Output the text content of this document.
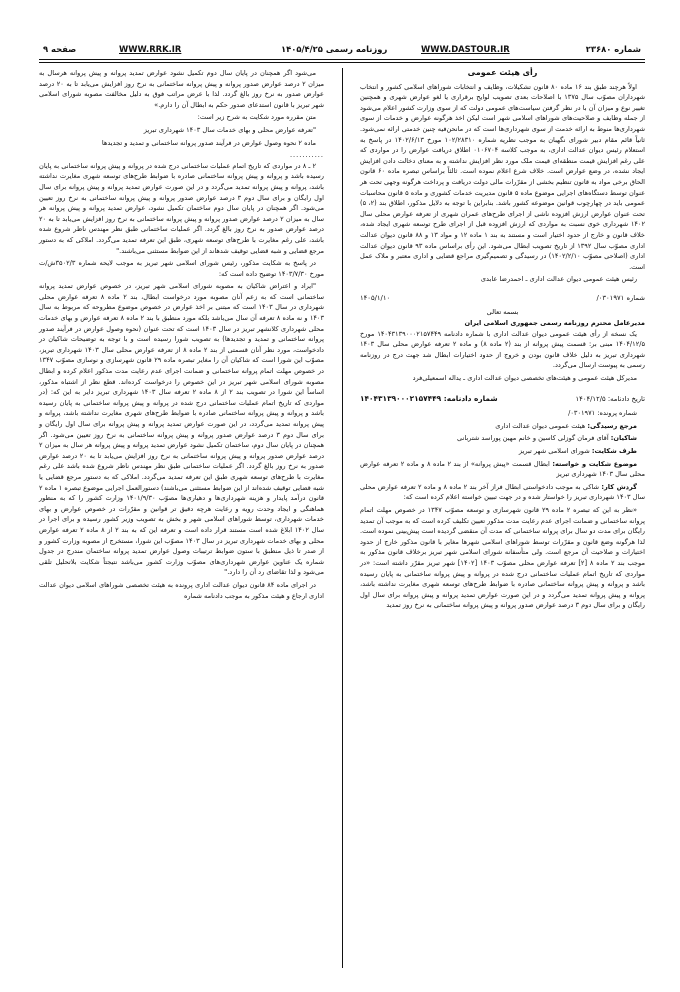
صفحه ۹	WWW.RRK.IR	روزنامه رسمی ۱۴۰۵/۴/۲۵	WWW.DASTOUR.IR	شماره ۲۳۶۸۰
رأی هیئت عمومی

اولاً هرچند طبق بند ۱۶ ماده ۸۰ قانون تشکیلات، وظایف و انتخابات شوراهای اسلامی کشور و انتخاب شهرداران مصوّب سال ۱۳۷۵ با اصلاحات بعدی تصویب لوایح برقراری یا لغو عوارض شهری و همچنین تغییر نوع و میزان آن با در نظر گرفتن سیاست‌های عمومی دولت که از سوی وزارت کشور اعلام می‌شود از جمله وظایف و صلاحیت‌های شوراهای اسلامی شهر است لیکن اخذ هرگونه عوارض و خدمات از سوی شهرداری‌ها منوط به ارائه خدمت از سوی شهرداری‌ها است که در مانحن‌فیه چنین خدمتی ارائه نمی‌شود. ثانیاً قائم مقام دبیر شورای نگهبان به موجب نظریه شماره ۱۰۲/۲۸۳۱۰ مورخ ۱۴۰۲/۶/۱۳ در پاسخ به استعلام رئیس دیوان عدالت اداری، به موجب کلاسه ۰۱۰۶۷۰۴ اطلاق دریافت عوارض را در مواردی که علی رغم افزایش قیمت منطقه‌ای قیمت ملک مورد نظر افزایش نداشته و به معنای دخالت دادن افزایش ایجاد نشده، در وضع عوارض است. خلاف شرع اعلام نموده است. ثالثاً براساس تبصره ماده ۶۰ قانون الحاق برخی مواد به قانون تنظیم بخشی از مقرّرات مالی دولت دریافت و پرداخت هرگونه وجهی تحت هر عنوان توسط دستگاه‌های اجرایی موضوع ماده ۵ قانون مدیریت خدمات کشوری و ماده ۵ قانون محاسبات عمومی باید در چهارچوب قوانین موضوعه کشور باشد. بنابراین با توجه به دلایل مذکور، اطلاق بند (۲، ۵) تحت عنوان عوارض ارزش افزوده ناشی از اجرای طرح‌های عمران شهری از تعرفه عوارض محلی سال ۱۴۰۲ شهرداری خوی نسبت به مواردی که ارزش افزوده قبل از اجرای طرح توسعه شهری ایجاد شده، خلاف قانون و خارج از حدود اختیار است و مستند به بند ۱ ماده ۱۲ و مواد ۱۳ و ۸۸ قانون دیوان عدالت اداری مصوّب سال ۱۳۹۲ از تاریخ تصویب ابطال می‌شود. این رأی براساس ماده ۹۳ قانون دیوان عدالت اداری (اصلاحی مصوّب ۱۴۰۲/۲/۱۰) در رسیدگی و تصمیم‌گیری مراجع قضایی و اداری معتبر و ملاک عمل است.

رئیس هیئت عمومی دیوان عدالت اداری ـ احمدرضا عابدی

شماره ۰۳۰۱۹۷۱/
۱۴۰۵/۱/۱۰
بسمه تعالی
مدیرعامل محترم روزنامه رسمی جمهوری اسلامی ایران

یک نسخه از رأی هیئت عمومی دیوان عدالت اداری با شماره دادنامه ۱۴۰۴۳۱۳۹۰۰۰۲۱۵۷۴۴۹ مورخ ۱۴۰۴/۱۲/۵ مبنی بر: قسمت پیش پروانه از بند (۲ ماده ۸) و ماده ۲ تعرفه عوارض محلی سال ۱۴۰۳ شهرداری تبریز به دلیل خلاف قانون بودن و خروج از حدود اختیارات ابطال شد جهت درج در روزنامه رسمی به پیوست ارسال می‌گردد.

مدیرکل هیئت عمومی و هیئت‌های تخصصی دیوان عدالت اداری ـ یداله اسمعیلی‌فرد

تاریخ دادنامه: ۱۴۰۴/۱۲/۵
شماره دادنامه: ۱۴۰۴۳۱۳۹۰۰۰۲۱۵۷۴۴۹

شماره پرونده: ۰۳۰۱۹۷۱/

مرجع رسیدگی: هیئت عمومی دیوان عدالت اداری

شاکیان: آقای فرمان گوزلی کاسین و خانم مهین پوراسد شتربانی

طرف شکایت: شورای اسلامی شهر تبریز

موضوع شکایت و خواسته: ابطال قسمت «پیش پروانه» از بند ۲ ماده ۸ و ماده ۲ تعرفه عوارض محلی سال ۱۴۰۳ شهرداری تبریز

گردش کار: شاکی به موجب دادخواستی ابطال فراز آخر بند ۲ ماده ۸ و ماده ۲ تعرفه عوارض محلی سال ۱۴۰۳ شهرداری تبریز را خواستار شده و در جهت تبیین خواسته اعلام کرده است که:

«نظر به این که تبصره ۲ ماده ۲۹ قانون شهرسازی و توسعه مصوّب ۱۳۴۷ در خصوص مهلت اتمام پروانه ساختمانی و ضمانت اجرای عدم رعایت مدت مذکور تعیین تکلیف کرده است که به موجب آن تمدید رایگان برای مدت دو سال برای پروانه ساختمانی که مدت آن منقضی گردیده است پیش‌بینی نموده است. لذا هرگونه وضع قانون و مقرّرات توسط شوراهای اسلامی شهرها مغایر با قانون مذکور خارج از حدود اختیارات و صلاحیت آن مرجع است. ولی متأسفانه شورای اسلامی شهر تبریز برخلاف قانون مذکور به موجب بند ۲ ماده ۸ [۲] تعرفه عوارض محلی مصوّب ۱۴۰۳ [۱۴۰۲] شهر تبریز مقرّر داشته است: «در مواردی که تاریخ اتمام عملیات ساختمانی درج شده در پروانه و پیش پروانه ساختمانی به پایان رسیده باشد و پروانه و پیش پروانه ساختمانی صادره با ضوابط طرح‌های توسعه شهری مغایرت نداشته باشد، پروانه و پیش پروانه تمدید می‌گردد و در این صورت عوارض تمدید پروانه و پیش پروانه برای سال اول رایگان و برای سال دوم ۳ درصد عوارض صدور پروانه و پیش پروانه ساختمانی به نرخ روز تمدید

می‌شود اگر همچنان در پایان سال دوم تکمیل نشود عوارض تمدید پروانه و پیش پروانه هرسال به میزان ۲ درصد عوارض صدور پروانه و پیش پروانه ساختمانی به نرخ روز افزایش می‌یابد تا به ۲۰ درصد عوارض صدور به نرخ روز بالغ گردد. لذا با عرض مراتب فوق به دلیل مخالفت مصوبه شورای اسلامی شهر تبریز با قانون استدعای صدور حکم به ابطال آن را دارم.»

متن مقرره مورد شکایت به شرح زیر است:

"تعرفه عوارض محلی و بهای خدمات سال ۱۴۰۳ شهرداری تبریز

ماده ۲ نحوه وصول عوارض در فرآیند صدور پروانه ساختمانی و تمدید و تجدیدها

...........

۲ ـ ۸ در مواردی که تاریخ اتمام عملیات ساختمانی درج شده در پروانه و پیش پروانه ساختمانی به پایان رسیده باشد و پروانه و پیش پروانه ساختمانی صادره با ضوابط طرح‌های توسعه شهری مغایرت نداشته باشد، پروانه و پیش پروانه تمدید می‌گردد و در این صورت عوارض تمدید پروانه و پیش پروانه برای سال اول رایگان و برای سال دوم ۳ درصد عوارض صدور پروانه و پیش پروانه ساختمانی به نرخ روز تعیین می‌شود. اگر همچنان در پایان سال دوم ساختمان تکمیل نشود، عوارض تمدید پروانه و پیش پروانه هر سال به میزان ۲ درصد عوارض صدور پروانه و پیش پروانه ساختمانی به نرخ روز افزایش می‌یابد تا به ۲۰ درصد عوارض صدور به نرخ روز بالغ گردد. اگر عملیات ساختمانی طبق نظر مهندس ناظر شروع شده باشد، علی رغم مغایرت با طرح‌های توسعه شهری، طبق این تعرفه تمدید می‌گردد. املاکی که به دستور مرجع قضایی و شبه قضایی توقیف شدهاند از این ضوابط مستثنی می‌باشند."

در پاسخ به شکایت مذکور، رئیس شورای اسلامی شهر تبریز به موجب لایحه شماره ۳۵۰۲/۳ش/ت مورخ ۱۴۰۳/۷/۳۰ توضیح داده است که:

"ایراد و اعتراض شاکیان به مصوبه شورای اسلامی شهر تبریز، در خصوص عوارض تمدید پروانه ساختمانی است که به زعم آنان مصوبه مورد درخواست ابطال، بند ۲ ماده ۸ تعرفه عوارض محلی شهرداری در سال ۱۴۰۳ است که مبتنی بر اخذ عوارض در خصوص موضوع مطروحه که مربوط به سال ۱۴۰۳ و نه ماده ۸ تعرفه آن سال می‌باشد بلکه مورد منطبق با بند ۲ ماده ۸ تعرفه عوارض و بهای خدمات محلی شهرداری کلانشهر تبریز در سال ۱۴۰۳ است که تحت عنوان (نحوه وصول عوارض در فرآیند صدور پروانه ساختمانی و تمدید و تجدیدها) به تصویب شورا رسیده است و با توجه به توضیحات شاکیان در دادخواست، مورد نظر آنان قسمتی از بند ۲ ماده ۸ از تعرفه عوارض محلی سال ۱۴۰۳ شهرداری تبریز، مصوّب این شورا است که شاکیان آن را مغایر تبصره ماده ۲۹ قانون شهرسازی و نوسازی مصوّب ۱۳۴۷ در خصوص مهلت اتمام پروانه ساختمانی و ضمانت اجرای عدم رعایت مدت مذکور اعلام کرده و ابطال مصوبه شورای اسلامی شهر تبریز در این خصوص را درخواست کرده‌اند. قطع نظر از اشتباه مذکور، اساساً این شورا در تصویب بند ۲ از ۸ ماده ۲ تعرفه سال ۱۴۰۳ شهرداری تبریز دایر به این که: (در مواردی که تاریخ اتمام عملیات ساختمانی درج شده در پروانه و پیش پروانه ساختمانی به پایان رسیده باشد و پروانه و پیش پروانه ساختمانی صادره با ضوابط طرح‌های شهری مغایرت نداشته باشد، پروانه و پیش پروانه تمدید می‌گردد، در این صورت عوارض تمدید پروانه و پیش پروانه برای سال اول رایگان و برای سال دوم ۳ درصد عوارض صدور پروانه و پیش پروانه ساختمانی به نرخ روز تعیین می‌شود. اگر همچنان در پایان سال دوم، ساختمان تکمیل نشود عوارض تمدید پروانه و پیش پروانه هر سال به میزان ۲ درصد عوارض صدور پروانه و پیش پروانه ساختمانی به نرخ روز افزایش می‌یابد تا به ۲۰ درصد عوارض صدور به نرخ روز بالغ گردد. اگر عملیات ساختمانی طبق نظر مهندس ناظر شروع شده باشد علی رغم مغایرت با طرح‌های توسعه شهری طبق این تعرفه تمدید می‌گردد. املاکی که به دستور مرجع قضایی یا شبه قضایی توقیف شده‌اند از این ضوابط مستثنی می‌باشند) دستورالعمل اجرایی موضوع تبصره ۱ ماده ۲ قانون درآمد پایدار و هزینه شهرداری‌ها و دهیاری‌ها مصوّب ۱۴۰۱/۹/۳۰ وزارت کشور را که به منظور هماهنگی و ایجاد وحدت رویه و رعایت هرچه دقیق تر قوانین و مقرّرات در خصوص عوارض و بهای خدمات شهرداری، توسط شوراهای اسلامی شهر و بخش به تصویب وزیر کشور رسیده و برای اجرا در سال ۱۴۰۲ ابلاغ شده است مستند قرار داده است و تعرفه این که به بند ۲ از ۸ ماده ۲ تعرفه عوارض محلی و بهای خدمات شهرداری تبریز در سال ۱۴۰۳ مصوّب این شورا، مستخرج از مصوبه وزارت کشور و از صدر تا ذیل منطبق با ستون ضوابط ترتیبات وصول عوارض تمدید پروانه ساختمان مندرج در جدول شماره یک عناوین عوارض شهرداری‌های مصوّب وزارت کشور می‌باشد نتیجتاً شکایت بلاتحلیل تلقی می‌شود و لذا تقاضای رد آن را دارد."

در اجرای ماده ۸۴ قانون دیوان عدالت اداری پرونده به هیئت تخصصی شوراهای اسلامی دیوان عدالت اداری ارجاع و هیئت مذکور به موجب دادنامه شماره
